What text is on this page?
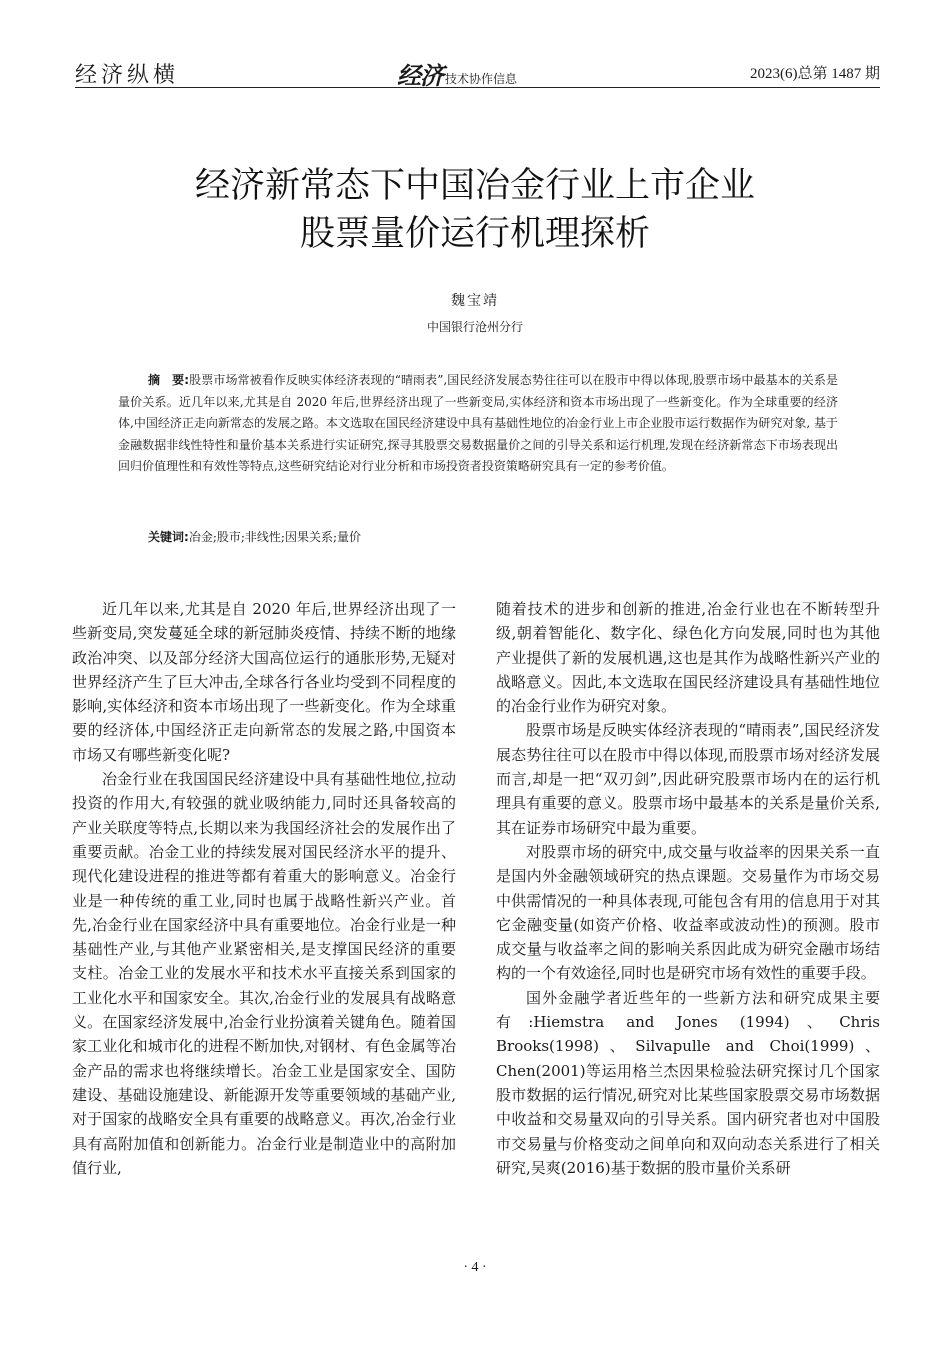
经济纵横	经济 技术协作信息	2023(6)总第 1487 期
经济新常态下中国冶金行业上市企业
股票量价运行机理探析
魏宝靖
中国银行沧州分行
摘　要:股票市场常被看作反映实体经济表现的“晴雨表”,国民经济发展态势往往可以在股市中得以体现,股票市场中最基本的关系是量价关系。近几年以来,尤其是自 2020 年后,世界经济出现了一些新变局,实体经济和资本市场出现了一些新变化。作为全球重要的经济体,中国经济正走向新常态的发展之路。本文选取在国民经济建设中具有基础性地位的冶金行业上市企业股市运行数据作为研究对象, 基于金融数据非线性特性和量价基本关系进行实证研究,探寻其股票交易数据量价之间的引导关系和运行机理,发现在经济新常态下市场表现出回归价值理性和有效性等特点,这些研究结论对行业分析和市场投资者投资策略研究具有一定的参考价值。
关键词:冶金;股市;非线性;因果关系;量价

近几年以来,尤其是自 2020 年后,世界经济出现了一些新变局,突发蔓延全球的新冠肺炎疫情、持续不断的地缘政治冲突、以及部分经济大国高位运行的通胀形势,无疑对世界经济产生了巨大冲击,全球各行各业均受到不同程度的影响,实体经济和资本市场出现了一些新变化。作为全球重要的经济体,中国经济正走向新常态的发展之路,中国资本市场又有哪些新变化呢?

冶金行业在我国国民经济建设中具有基础性地位,拉动投资的作用大,有较强的就业吸纳能力,同时还具备较高的产业关联度等特点,长期以来为我国经济社会的发展作出了重要贡献。冶金工业的持续发展对国民经济水平的提升、现代化建设进程的推进等都有着重大的影响意义。冶金行业是一种传统的重工业,同时也属于战略性新兴产业。首先,冶金行业在国家经济中具有重要地位。冶金行业是一种基础性产业,与其他产业紧密相关,是支撑国民经济的重要支柱。冶金工业的发展水平和技术水平直接关系到国家的工业化水平和国家安全。其次,冶金行业的发展具有战略意义。在国家经济发展中,冶金行业扮演着关键角色。随着国家工业化和城市化的进程不断加快,对钢材、有色金属等冶金产品的需求也将继续增长。冶金工业是国家安全、国防建设、基础设施建设、新能源开发等重要领域的基础产业,对于国家的战略安全具有重要的战略意义。再次,冶金行业具有高附加值和创新能力。冶金行业是制造业中的高附加值行业,

随着技术的进步和创新的推进,冶金行业也在不断转型升级,朝着智能化、数字化、绿色化方向发展,同时也为其他产业提供了新的发展机遇,这也是其作为战略性新兴产业的战略意义。因此,本文选取在国民经济建设具有基础性地位的冶金行业作为研究对象。

股票市场是反映实体经济表现的“晴雨表”,国民经济发展态势往往可以在股市中得以体现,而股票市场对经济发展而言,却是一把“双刃剑”,因此研究股票市场内在的运行机理具有重要的意义。股票市场中最基本的关系是量价关系,其在证券市场研究中最为重要。

对股票市场的研究中,成交量与收益率的因果关系一直是国内外金融领域研究的热点课题。交易量作为市场交易中供需情况的一种具体表现,可能包含有用的信息用于对其它金融变量(如资产价格、收益率或波动性)的预测。股市成交量与收益率之间的影响关系因此成为研究金融市场结构的一个有效途径,同时也是研究市场有效性的重要手段。

国外金融学者近些年的一些新方法和研究成果主要有:Hiemstra and Jones (1994)、Chris Brooks(1998)、Silvapulle and Choi(1999)、Chen(2001)等运用格兰杰因果检验法研究探讨几个国家股市数据的运行情况,研究对比某些国家股票交易市场数据中收益和交易量双向的引导关系。国内研究者也对中国股市交易量与价格变动之间单向和双向动态关系进行了相关研究,吴爽(2016)基于数据的股市量价关系研

· 4 ·
